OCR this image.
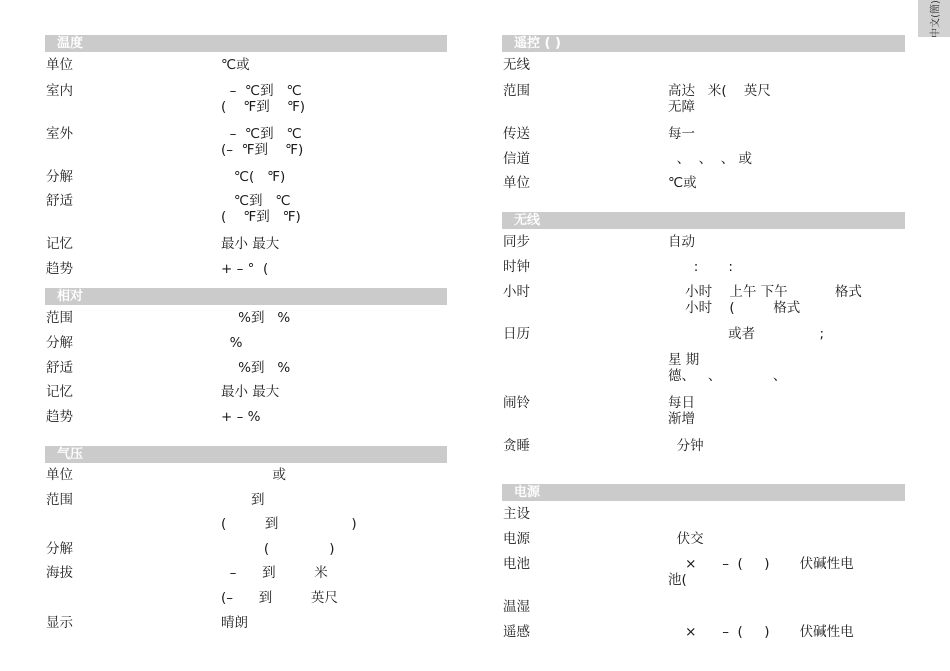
中文(簡)
温度
单位	℃或
室内	–  ℃到   ℃
(    ℉到    ℉)
室外	–  ℃到   ℃
(–  ℉到    ℉)
分解	℃(   ℉)
舒适	℃到   ℃
(    ℉到   ℉)
记忆	最小 最大
趋势	+ – °  (
相对
范围	%到   %
分解	%
舒适	%到   %
记忆	最小 最大
趋势	+ – %
气压
单位	或
范围	到
(         到                 )
分解	(              )
海拔	–      到         米
(–      到         英尺
显示	晴朗
遥控 ( )
无线
范围	高达   米(    英尺
无障
传送	每一
信道	、  、  、 或
单位	℃或
无线
同步	自动
时钟	:       :
小时	小时    上午 下午           格式
小时    (         格式
日历	或者               ;
星 期
德、   、            、
闹铃	每日
渐增
贪睡	分钟
电源
主设
电源	伏交
电池	×      –  (     )       伏碱性电
池(
温湿
遥感	×      –  (     )       伏碱性电
